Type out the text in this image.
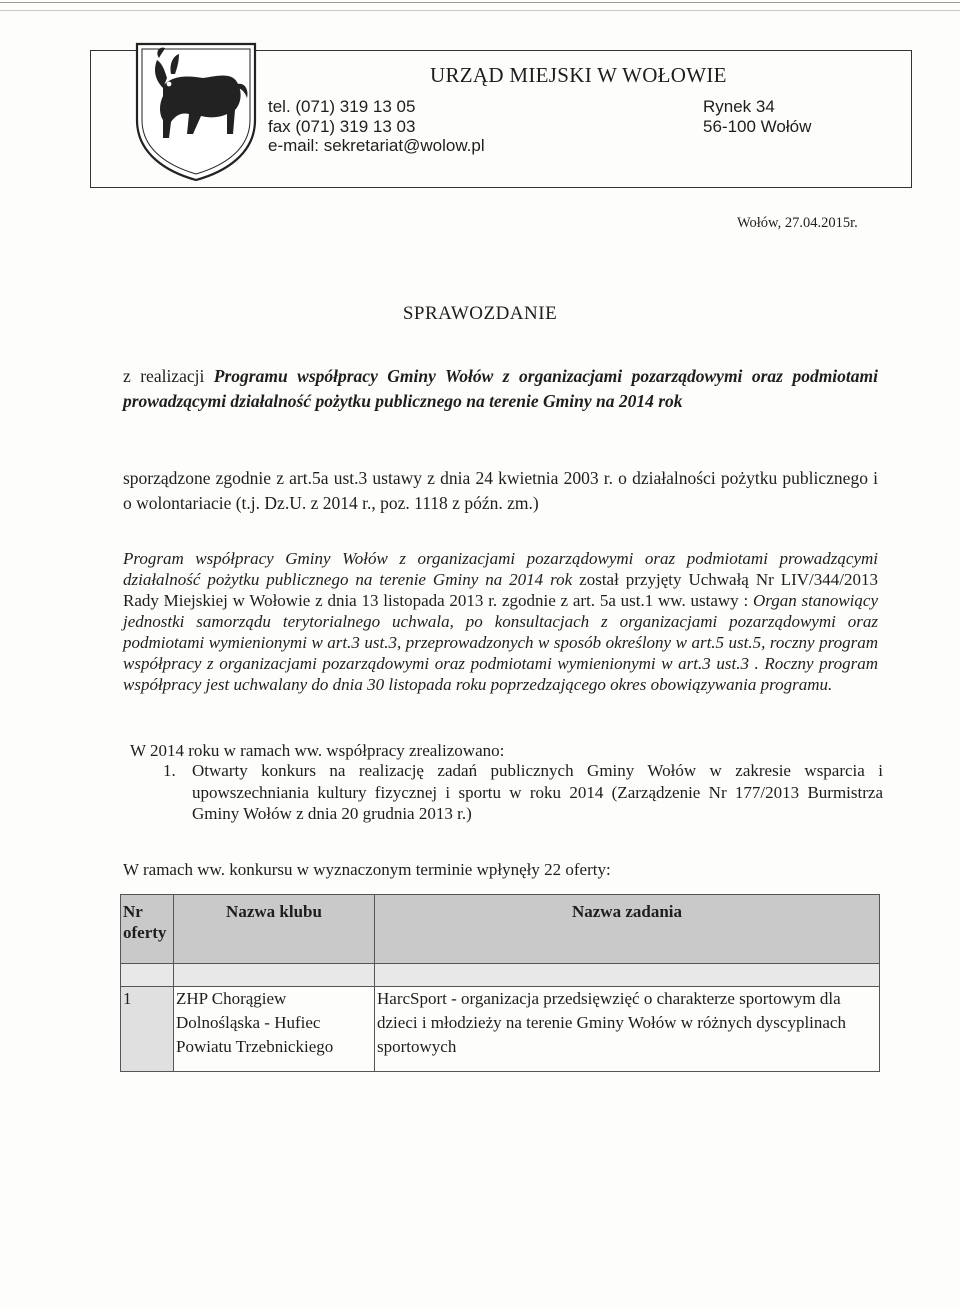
URZĄD MIEJSKI W WOŁOWIE
tel. (071) 319 13 05
fax (071) 319 13 03
e-mail: sekretariat@wolow.pl
Rynek 34
56-100 Wołów
Wołów, 27.04.2015r.
SPRAWOZDANIE
z realizacji Programu współpracy Gminy Wołów z organizacjami pozarządowymi oraz podmiotami prowadzącymi działalność pożytku publicznego na terenie Gminy na 2014 rok
sporządzone zgodnie z art.5a ust.3 ustawy z dnia 24 kwietnia 2003 r. o działalności pożytku publicznego i o wolontariacie (t.j. Dz.U. z 2014 r., poz. 1118 z późn. zm.)
Program współpracy Gminy Wołów z organizacjami pozarządowymi oraz podmiotami prowadzącymi działalność pożytku publicznego na terenie Gminy na 2014 rok został przyjęty Uchwałą Nr LIV/344/2013 Rady Miejskiej w Wołowie z dnia 13 listopada 2013 r. zgodnie z art. 5a ust.1 ww. ustawy : Organ stanowiący jednostki samorządu terytorialnego uchwala, po konsultacjach z organizacjami pozarządowymi oraz podmiotami wymienionymi w art.3 ust.3, przeprowadzonych w sposób określony w art.5 ust.5, roczny program współpracy z organizacjami pozarządowymi oraz podmiotami wymienionymi w art.3 ust.3 . Roczny program współpracy jest uchwalany do dnia 30 listopada roku poprzedzającego okres obowiązywania programu.
W 2014 roku w ramach ww. współpracy zrealizowano:
1. Otwarty konkurs na realizację zadań publicznych Gminy Wołów w zakresie wsparcia i upowszechniania kultury fizycznej i sportu w roku 2014 (Zarządzenie Nr 177/2013 Burmistrza Gminy Wołów z dnia 20 grudnia 2013 r.)
W ramach ww. konkursu w wyznaczonym terminie wpłynęły 22 oferty:
Nr oferty	Nazwa klubu	Nazwa zadania

1	ZHP Chorągiew Dolnośląska - Hufiec Powiatu Trzebnickiego	HarcSport - organizacja przedsięwzięć o charakterze sportowym dla dzieci i młodzieży na terenie Gminy Wołów w różnych dyscyplinach sportowych
